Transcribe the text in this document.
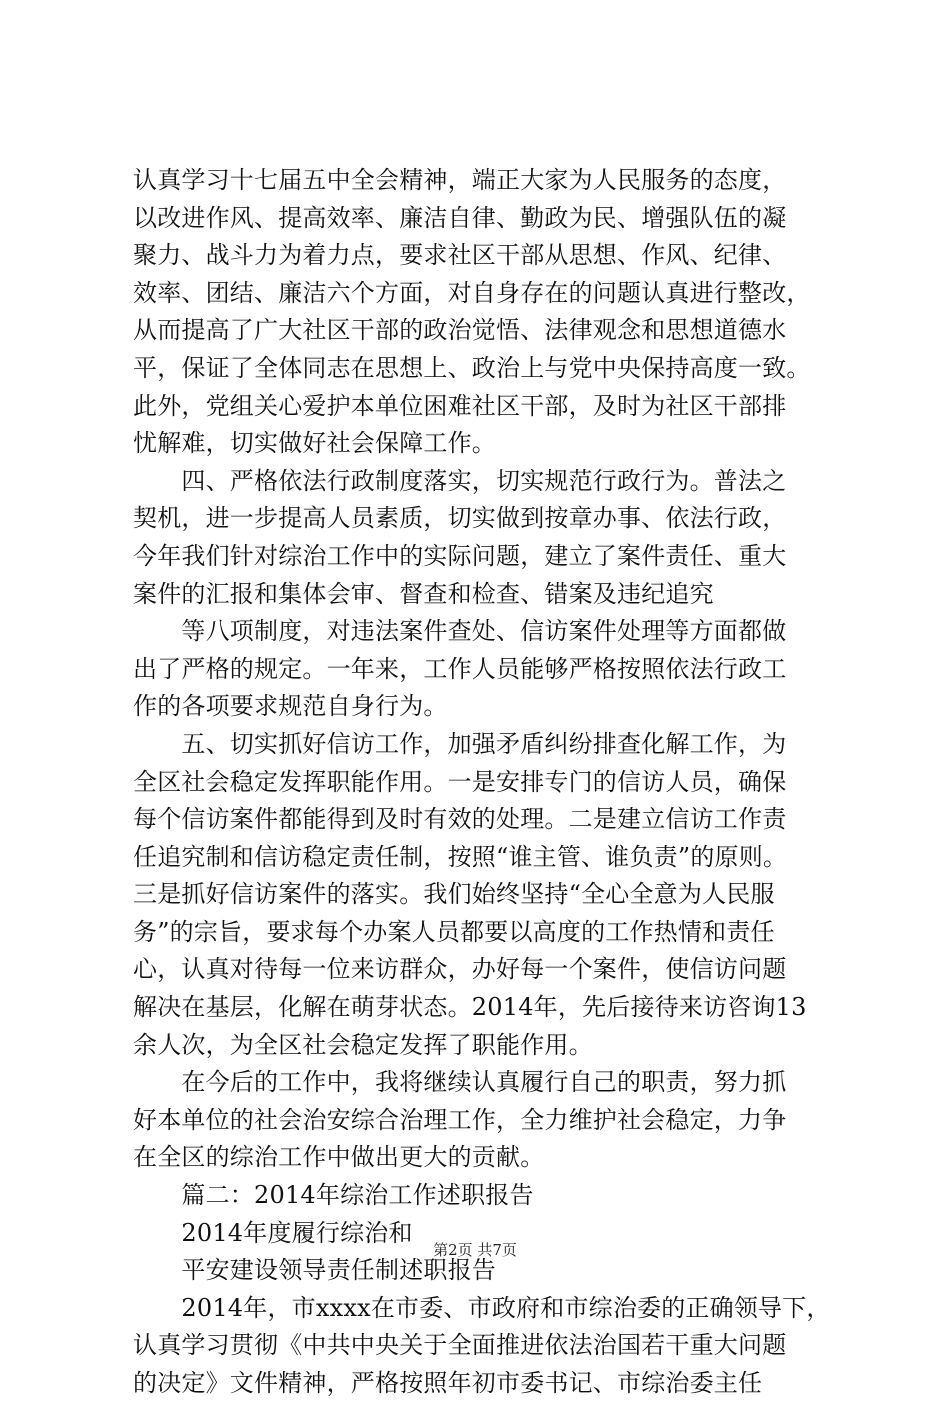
认真学习十七届五中全会精神，端正大家为人民服务的态度，
以改进作风、提高效率、廉洁自律、勤政为民、增强队伍的凝
聚力、战斗力为着力点，要求社区干部从思想、作风、纪律、
效率、团结、廉洁六个方面，对自身存在的问题认真进行整改，
从而提高了广大社区干部的政治觉悟、法律观念和思想道德水
平，保证了全体同志在思想上、政治上与党中央保持高度一致。
此外，党组关心爱护本单位困难社区干部，及时为社区干部排
忧解难，切实做好社会保障工作。
　　四、严格依法行政制度落实，切实规范行政行为。普法之
契机，进一步提高人员素质，切实做到按章办事、依法行政，
今年我们针对综治工作中的实际问题，建立了案件责任、重大
案件的汇报和集体会审、督查和检查、错案及违纪追究
　　等八项制度，对违法案件查处、信访案件处理等方面都做
出了严格的规定。一年来，工作人员能够严格按照依法行政工
作的各项要求规范自身行为。
　　五、切实抓好信访工作，加强矛盾纠纷排查化解工作，为
全区社会稳定发挥职能作用。一是安排专门的信访人员，确保
每个信访案件都能得到及时有效的处理。二是建立信访工作责
任追究制和信访稳定责任制，按照“谁主管、谁负责”的原则。
三是抓好信访案件的落实。我们始终坚持“全心全意为人民服
务”的宗旨，要求每个办案人员都要以高度的工作热情和责任
心，认真对待每一位来访群众，办好每一个案件，使信访问题
解决在基层，化解在萌芽状态。2014年，先后接待来访咨询13
余人次，为全区社会稳定发挥了职能作用。
　　在今后的工作中，我将继续认真履行自己的职责，努力抓
好本单位的社会治安综合治理工作，全力维护社会稳定，力争
在全区的综治工作中做出更大的贡献。
　　篇二：2014年综治工作述职报告
　　2014年度履行综治和
　　平安建设领导责任制述职报告
　　2014年，市xxxx在市委、市政府和市综治委的正确领导下，
认真学习贯彻《中共中央关于全面推进依法治国若干重大问题
的决定》文件精神，严格按照年初市委书记、市综治委主任
第2页 共7页
